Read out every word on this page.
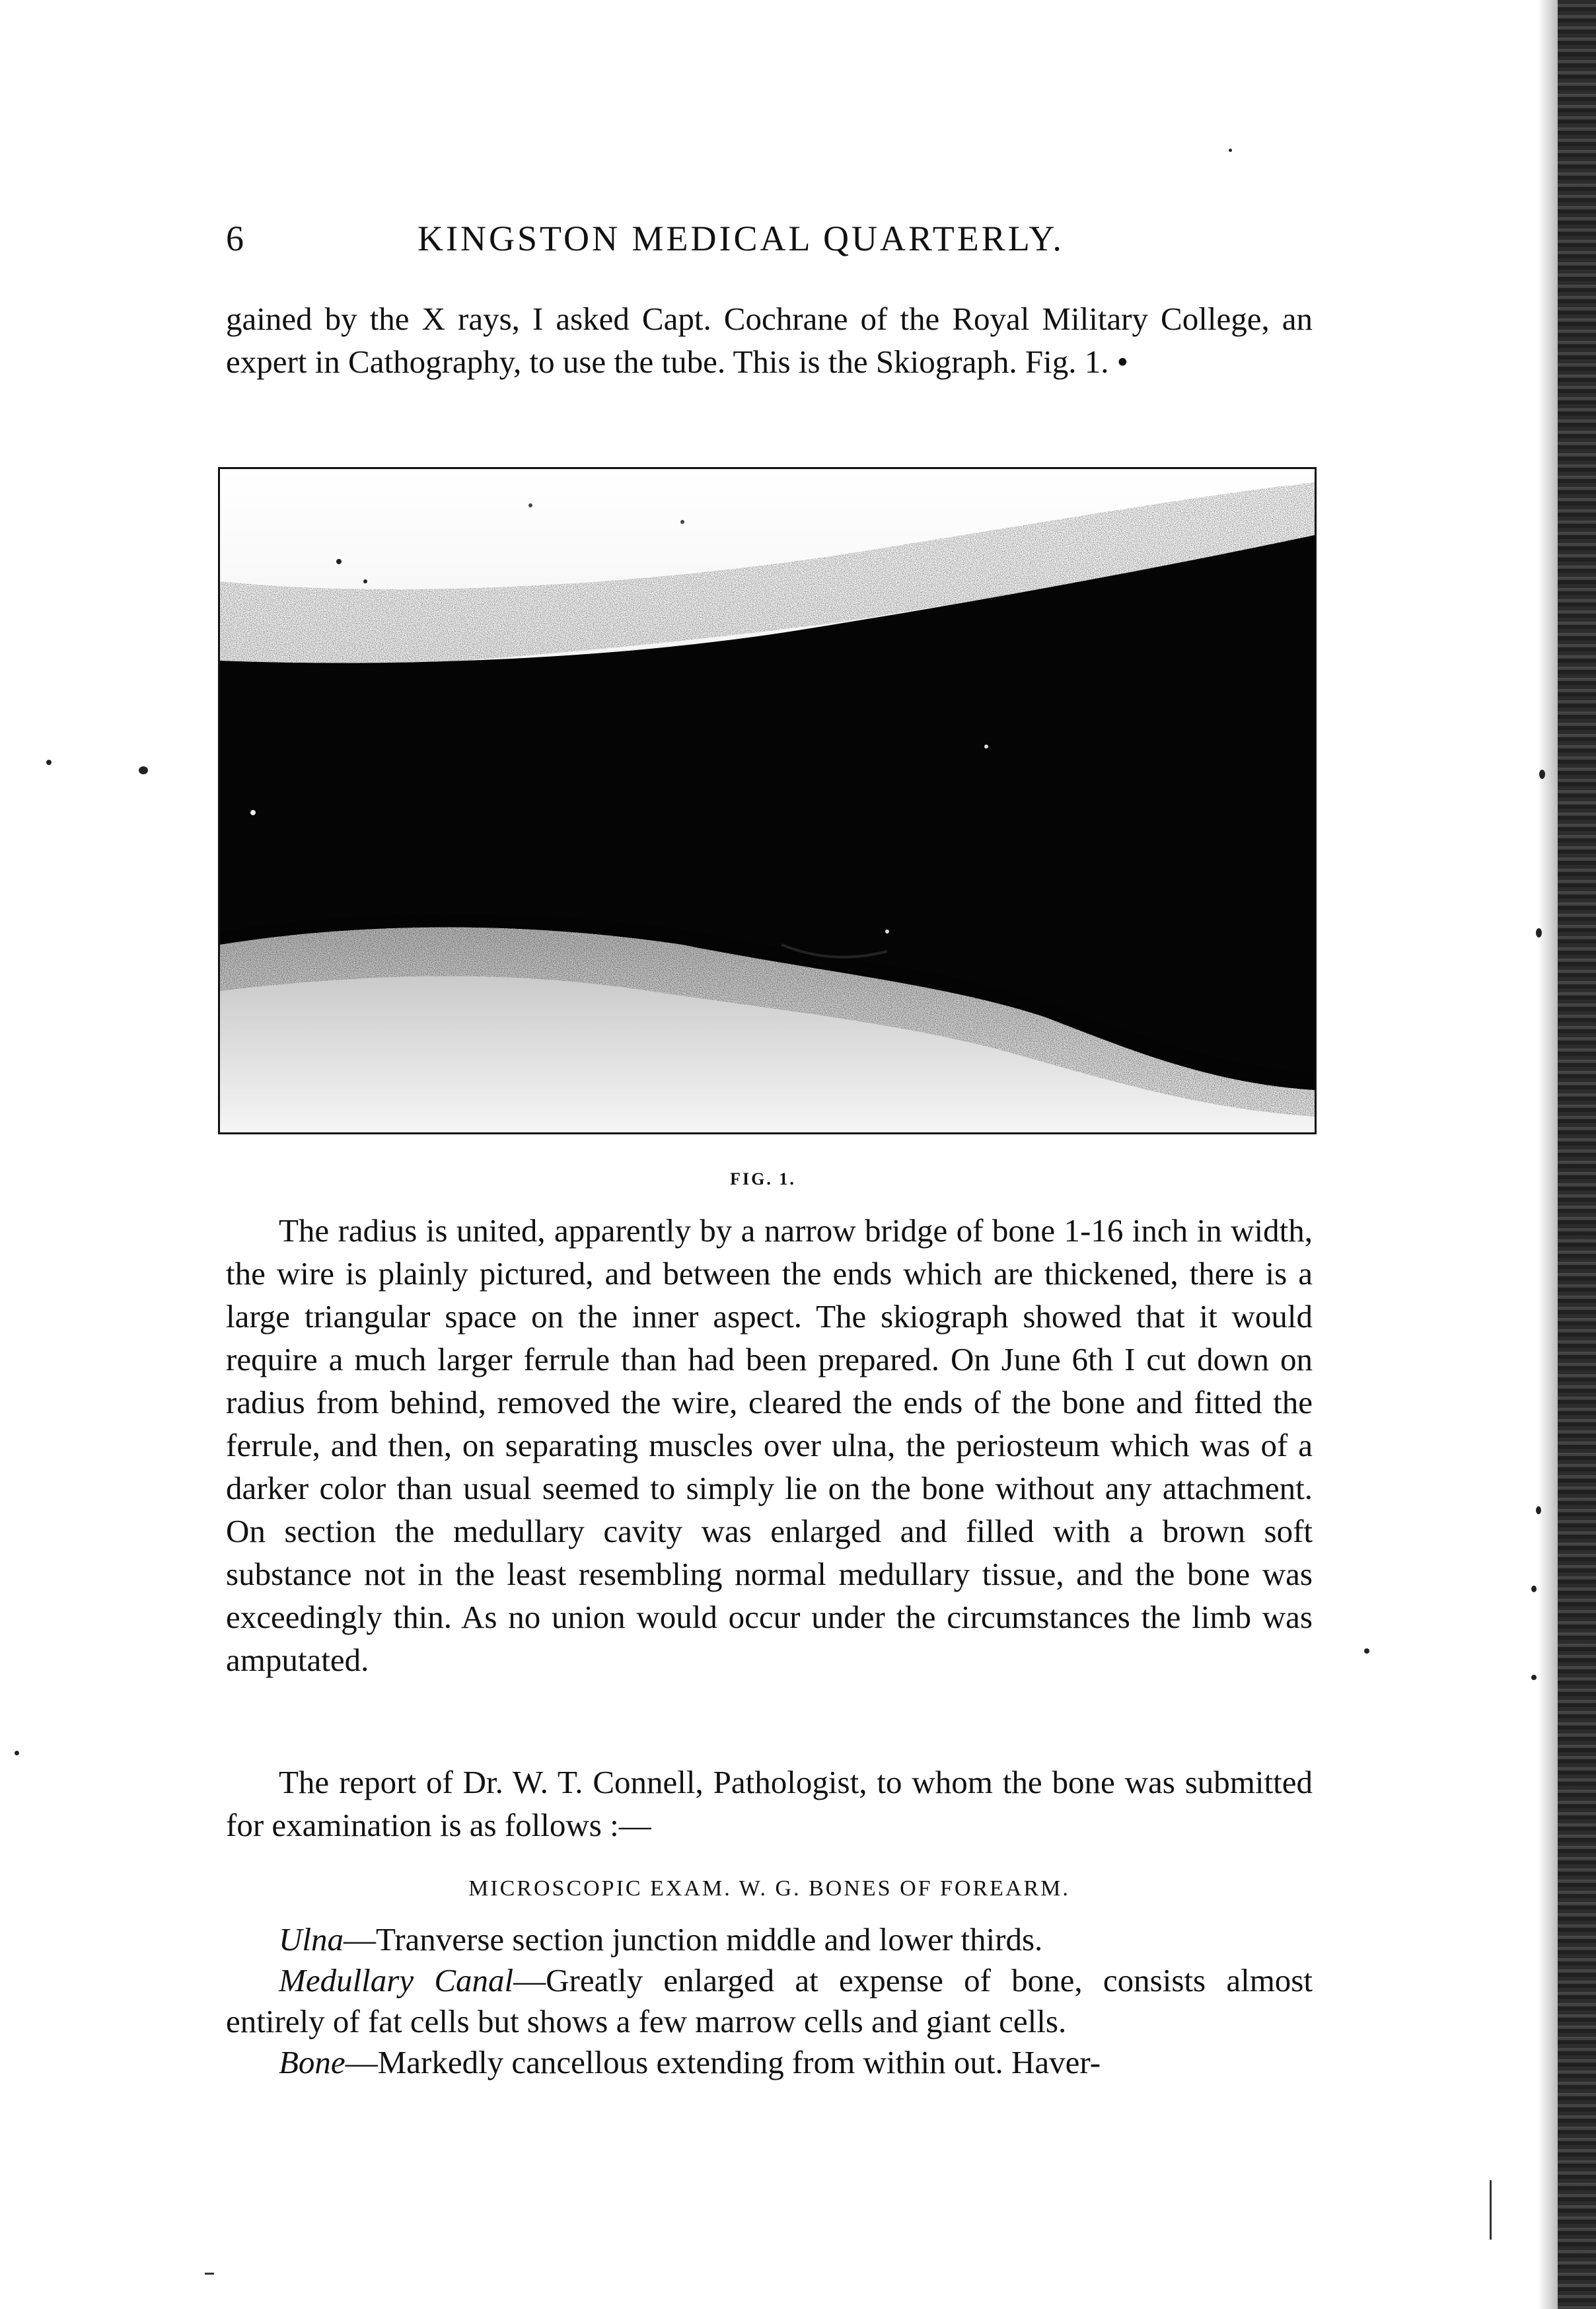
6	KINGSTON MEDICAL QUARTERLY.

gained by the X rays, I asked Capt. Cochrane of the Royal Military College, an expert in Cathography, to use the tube. This is the Skiograph. Fig. 1. •

FIG. 1.

The radius is united, apparently by a narrow bridge of bone 1-16 inch in width, the wire is plainly pictured, and between the ends which are thickened, there is a large triangular space on the inner aspect. The skiograph showed that it would require a much larger ferrule than had been prepared. On June 6th I cut down on radius from behind, removed the wire, cleared the ends of the bone and fitted the ferrule, and then, on separating muscles over ulna, the periosteum which was of a darker color than usual seemed to simply lie on the bone without any attachment. On section the medullary cavity was enlarged and filled with a brown soft substance not in the least resembling normal medullary tissue, and the bone was exceedingly thin. As no union would occur under the circumstances the limb was amputated.

The report of Dr. W. T. Connell, Pathologist, to whom the bone was submitted for examination is as follows :—

MICROSCOPIC EXAM. W. G. BONES OF FOREARM.

Ulna—Tranverse section junction middle and lower thirds.

Medullary Canal—Greatly enlarged at expense of bone, consists almost entirely of fat cells but shows a few marrow cells and giant cells.

Bone—Markedly cancellous extending from within out. Haver-
